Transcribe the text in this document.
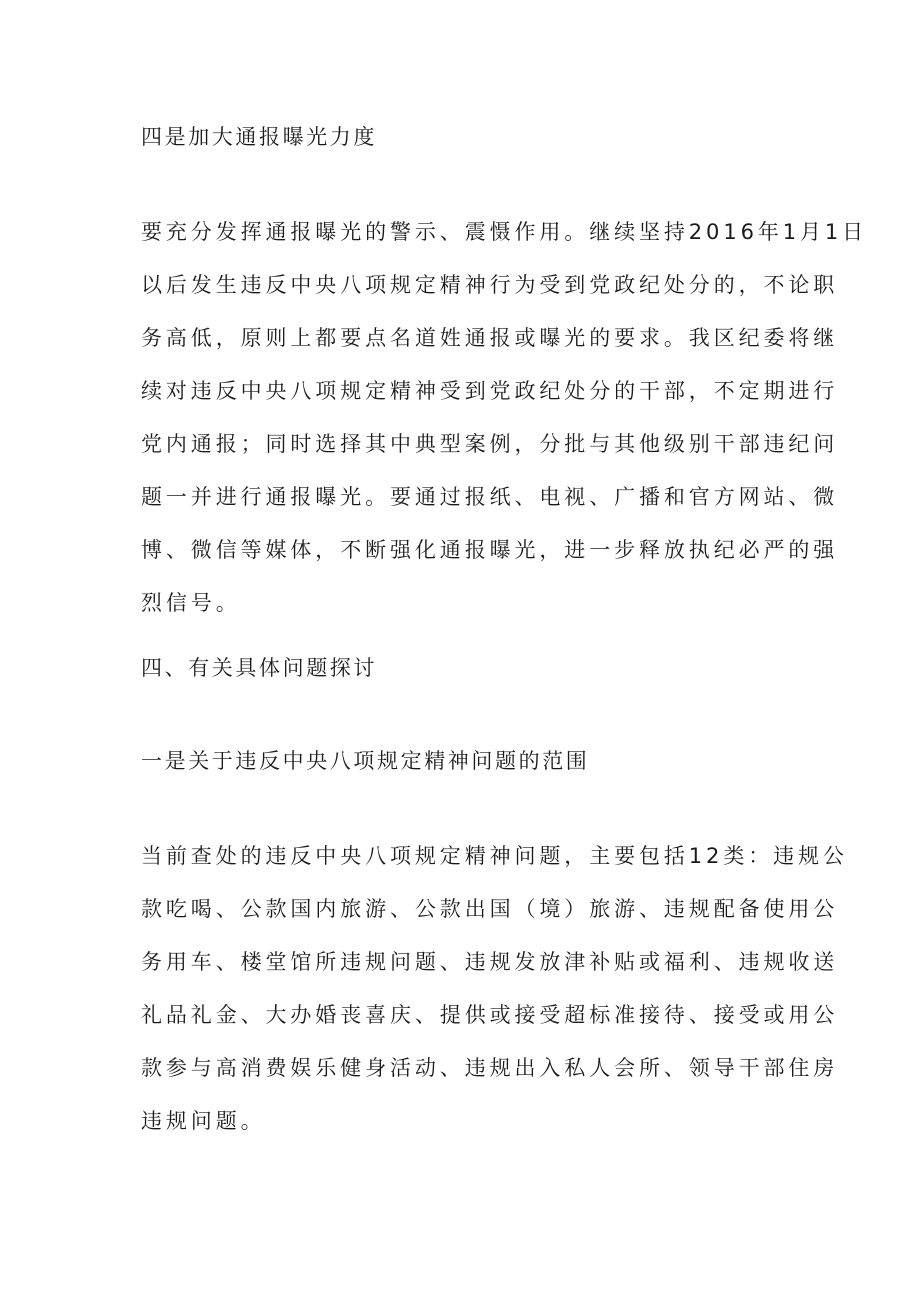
四是加大通报曝光力度
要充分发挥通报曝光的警示、震慑作用。继续坚持2016年1月1日
以后发生违反中央八项规定精神行为受到党政纪处分的，不论职
务高低，原则上都要点名道姓通报或曝光的要求。我区纪委将继
续对违反中央八项规定精神受到党政纪处分的干部，不定期进行
党内通报；同时选择其中典型案例，分批与其他级别干部违纪问
题一并进行通报曝光。要通过报纸、电视、广播和官方网站、微
博、微信等媒体，不断强化通报曝光，进一步释放执纪必严的强
烈信号。
四、有关具体问题探讨
一是关于违反中央八项规定精神问题的范围
当前查处的违反中央八项规定精神问题，主要包括12类：违规公
款吃喝、公款国内旅游、公款出国（境）旅游、违规配备使用公
务用车、楼堂馆所违规问题、违规发放津补贴或福利、违规收送
礼品礼金、大办婚丧喜庆、提供或接受超标准接待、接受或用公
款参与高消费娱乐健身活动、违规出入私人会所、领导干部住房
违规问题。
